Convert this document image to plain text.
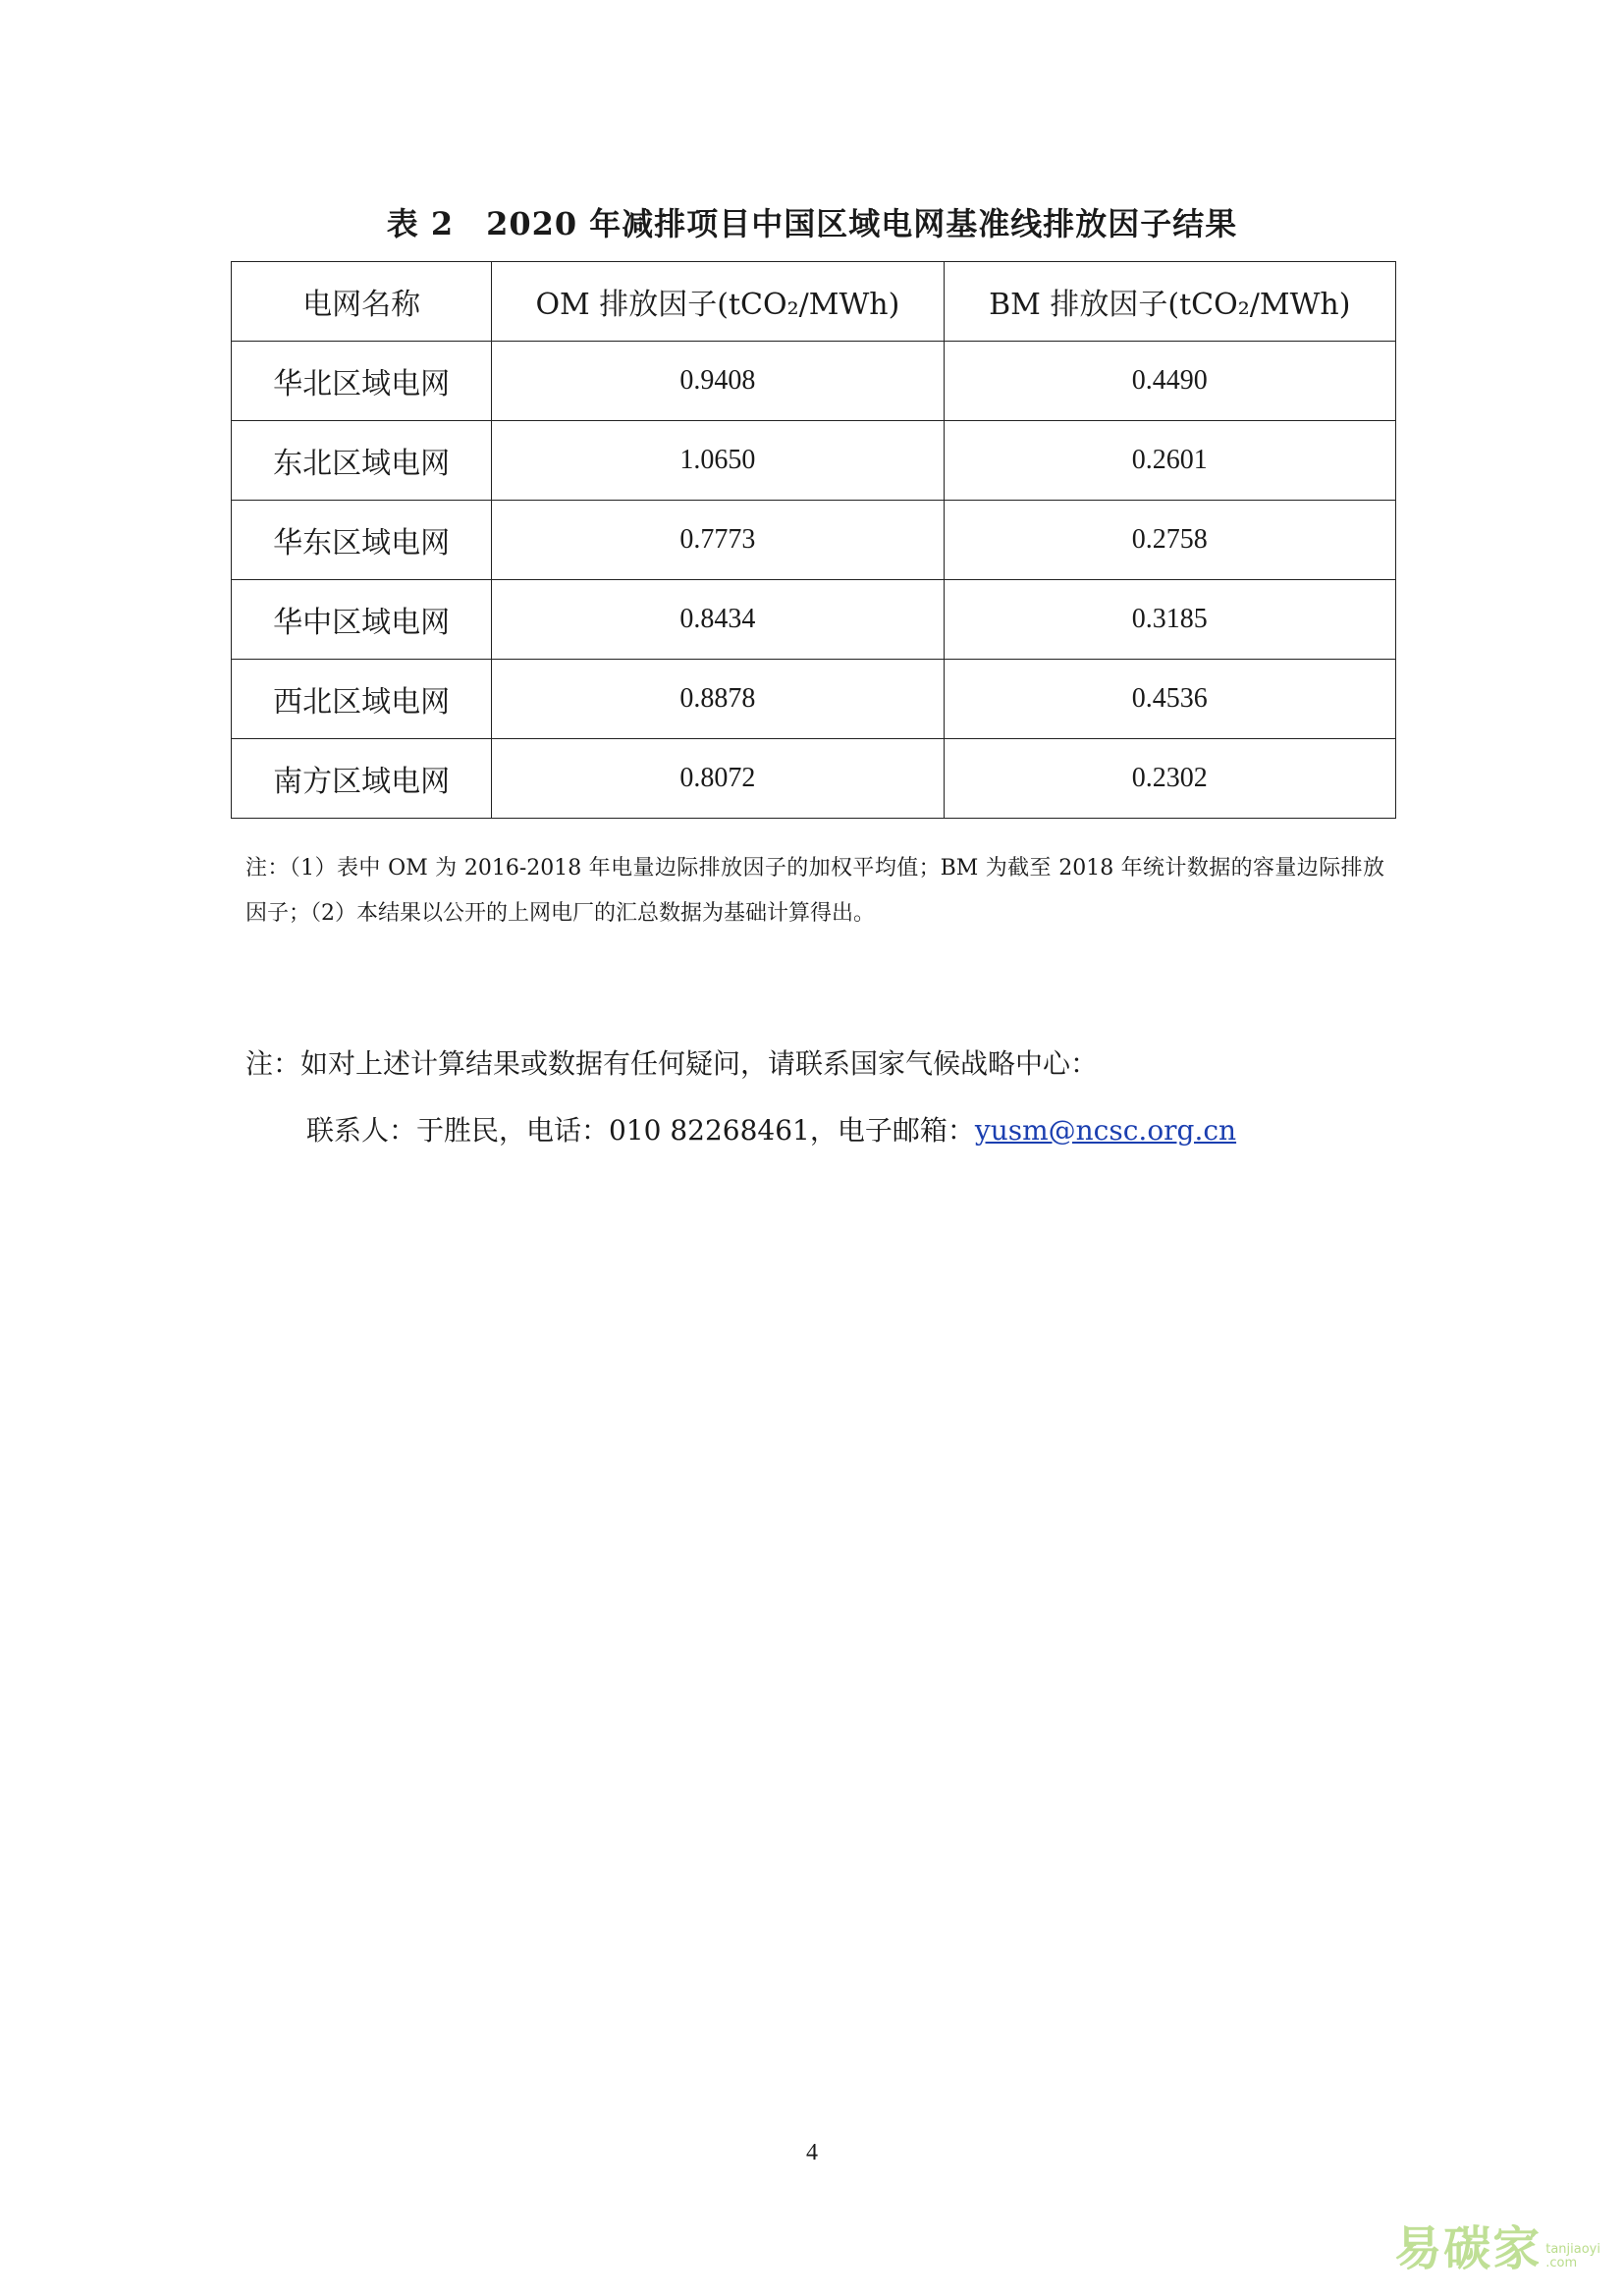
表 2　2020 年减排项目中国区域电网基准线排放因子结果
电网名称	OM 排放因子(tCO₂/MWh)	BM 排放因子(tCO₂/MWh)
华北区域电网	0.9408	0.4490
东北区域电网	1.0650	0.2601
华东区域电网	0.7773	0.2758
华中区域电网	0.8434	0.3185
西北区域电网	0.8878	0.4536
南方区域电网	0.8072	0.2302
注：（1）表中 OM 为 2016-2018 年电量边际排放因子的加权平均值；BM 为截至 2018 年统计数据的容量边际排放因子；（2）本结果以公开的上网电厂的汇总数据为基础计算得出。
注：如对上述计算结果或数据有任何疑问，请联系国家气候战略中心：
联系人：于胜民，电话：010 82268461，电子邮箱：yusm@ncsc.org.cn
4
易碳家 tanjiaoyi
.com
